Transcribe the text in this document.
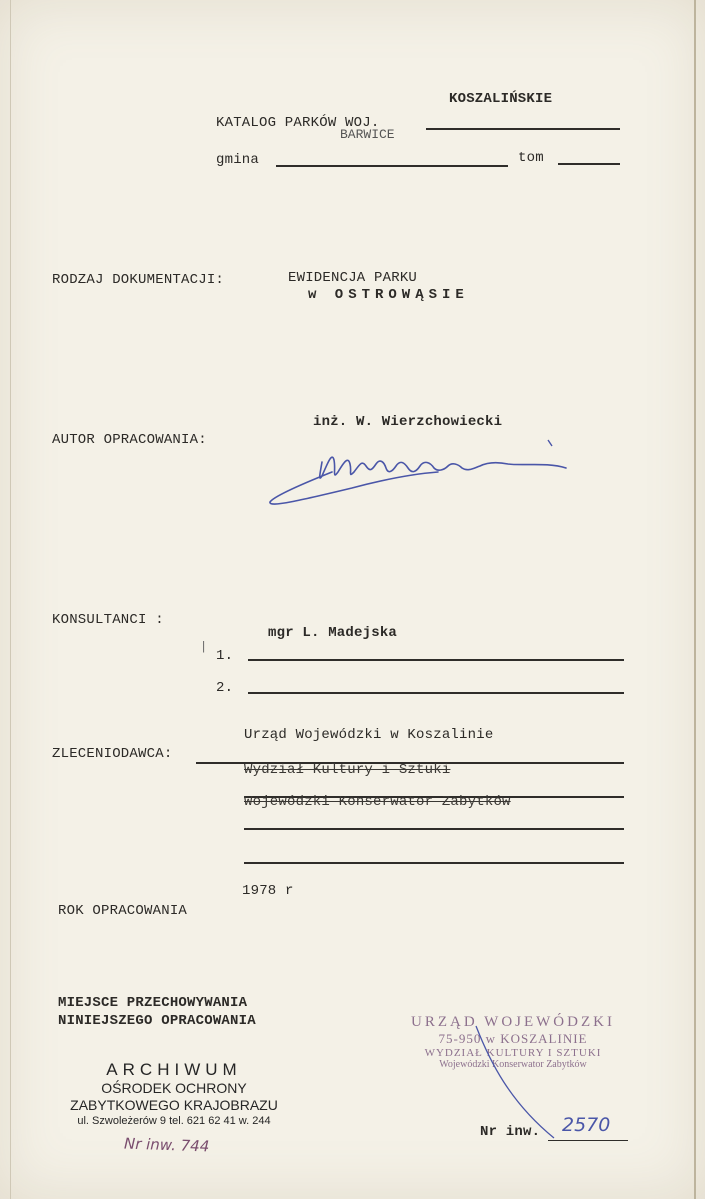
KOSZALIŃSKIE
KATALOG PARKÓW WOJ.
BARWICE
gmina	tom
RODZAJ DOKUMENTACJI:	EWIDENCJA PARKU
w OSTROWĄSIE
inż. W. Wierzchowiecki
AUTOR OPRACOWANIA:
KONSULTANCI :
|
mgr L. Madejska
1.
2.
Urząd Wojewódzki w Koszalinie
ZLECENIODAWCA:
Wydział Kultury i Sztuki
Wojewódzki Konserwator Zabytków
1978 r
ROK OPRACOWANIA
MIEJSCE PRZECHOWYWANIA
NINIEJSZEGO OPRACOWANIA
ARCHIWUM
OŚRODEK OCHRONY
ZABYTKOWEGO KRAJOBRAZU
ul. Szwoleżerów 9 tel. 621 62 41 w. 244
Nr inw. 744
URZĄD WOJEWÓDZKI
75-950 w KOSZALINIE
WYDZIAŁ KULTURY I SZTUKI
Wojewódzki Konserwator Zabytków
Nr inw. 2570
